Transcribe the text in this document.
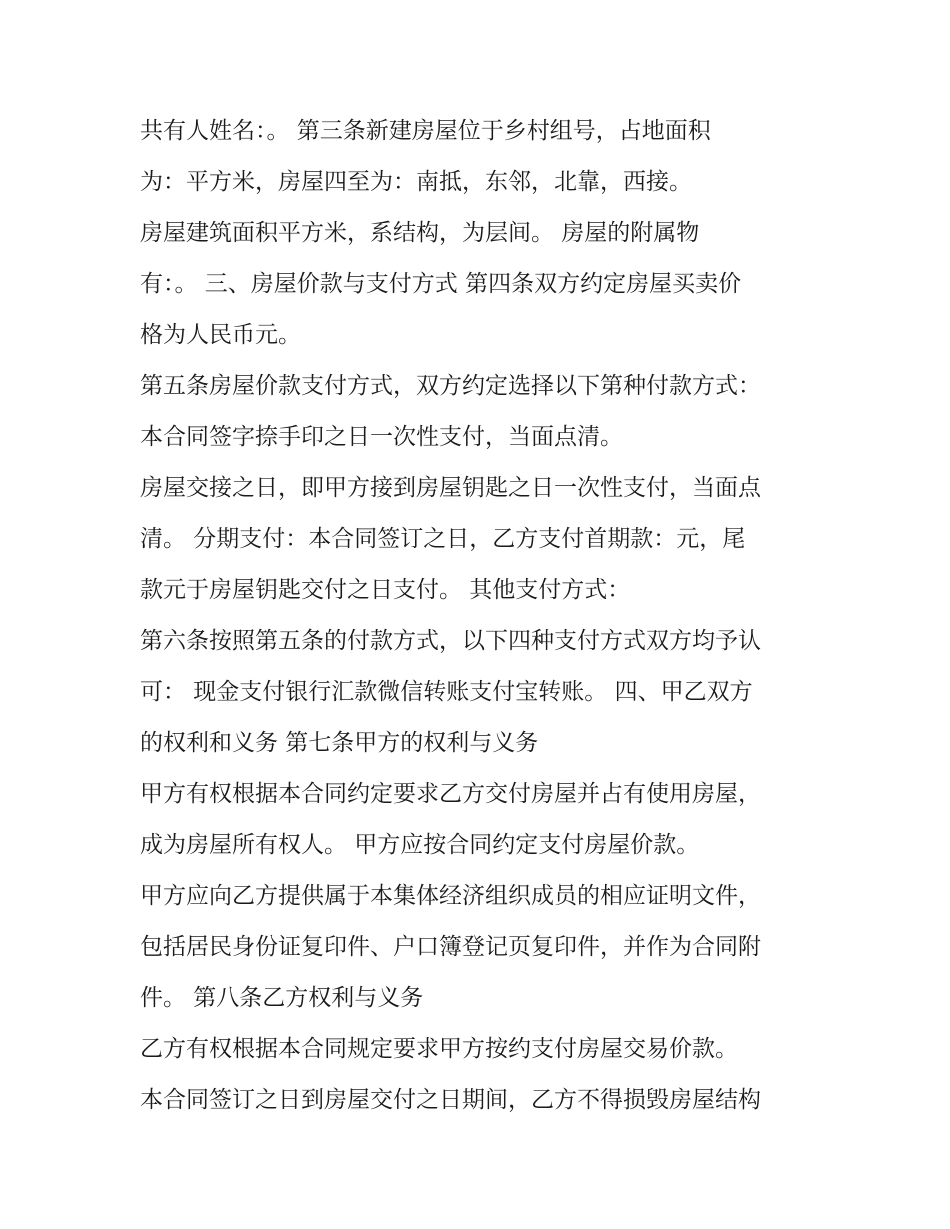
共有人姓名：。 第三条新建房屋位于乡村组号，占地面积
为：平方米，房屋四至为：南抵，东邻，北靠，西接。
房屋建筑面积平方米，系结构，为层间。 房屋的附属物
有：。 三、房屋价款与支付方式 第四条双方约定房屋买卖价
格为人民币元。
第五条房屋价款支付方式，双方约定选择以下第种付款方式：
本合同签字捺手印之日一次性支付，当面点清。
房屋交接之日，即甲方接到房屋钥匙之日一次性支付，当面点
清。 分期支付：本合同签订之日，乙方支付首期款：元，尾
款元于房屋钥匙交付之日支付。 其他支付方式：
第六条按照第五条的付款方式，以下四种支付方式双方均予认
可： 现金支付银行汇款微信转账支付宝转账。 四、甲乙双方
的权利和义务 第七条甲方的权利与义务
甲方有权根据本合同约定要求乙方交付房屋并占有使用房屋，
成为房屋所有权人。 甲方应按合同约定支付房屋价款。
甲方应向乙方提供属于本集体经济组织成员的相应证明文件，
包括居民身份证复印件、户口簿登记页复印件，并作为合同附
件。 第八条乙方权利与义务
乙方有权根据本合同规定要求甲方按约支付房屋交易价款。
本合同签订之日到房屋交付之日期间，乙方不得损毁房屋结构
